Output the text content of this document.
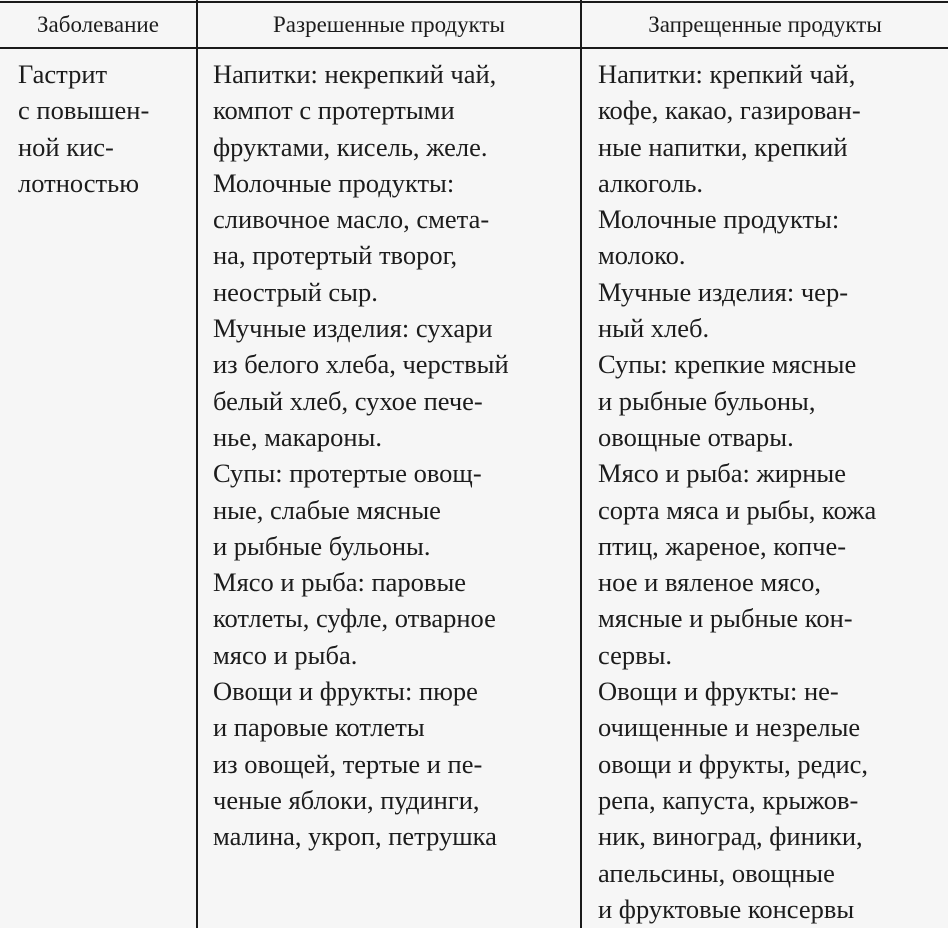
Заболевание	Разрешенные продукты	Запрещенные продукты
Гастрит
с повышен-
ной кис-
лотностью
Напитки: некрепкий чай,
компот с протертыми
фруктами, кисель, желе.
Молочные продукты:
сливочное масло, смета-
на, протертый творог,
неострый сыр.
Мучные изделия: сухари
из белого хлеба, черствый
белый хлеб, сухое пече-
нье, макароны.
Супы: протертые овощ-
ные, слабые мясные
и рыбные бульоны.
Мясо и рыба: паровые
котлеты, суфле, отварное
мясо и рыба.
Овощи и фрукты: пюре
и паровые котлеты
из овощей, тертые и пе-
ченые яблоки, пудинги,
малина, укроп, петрушка
Напитки: крепкий чай,
кофе, какао, газирован-
ные напитки, крепкий
алкоголь.
Молочные продукты:
молоко.
Мучные изделия: чер-
ный хлеб.
Супы: крепкие мясные
и рыбные бульоны,
овощные отвары.
Мясо и рыба: жирные
сорта мяса и рыбы, кожа
птиц, жареное, копче-
ное и вяленое мясо,
мясные и рыбные кон-
сервы.
Овощи и фрукты: не-
очищенные и незрелые
овощи и фрукты, редис,
репа, капуста, крыжов-
ник, виноград, финики,
апельсины, овощные
и фруктовые консервы
